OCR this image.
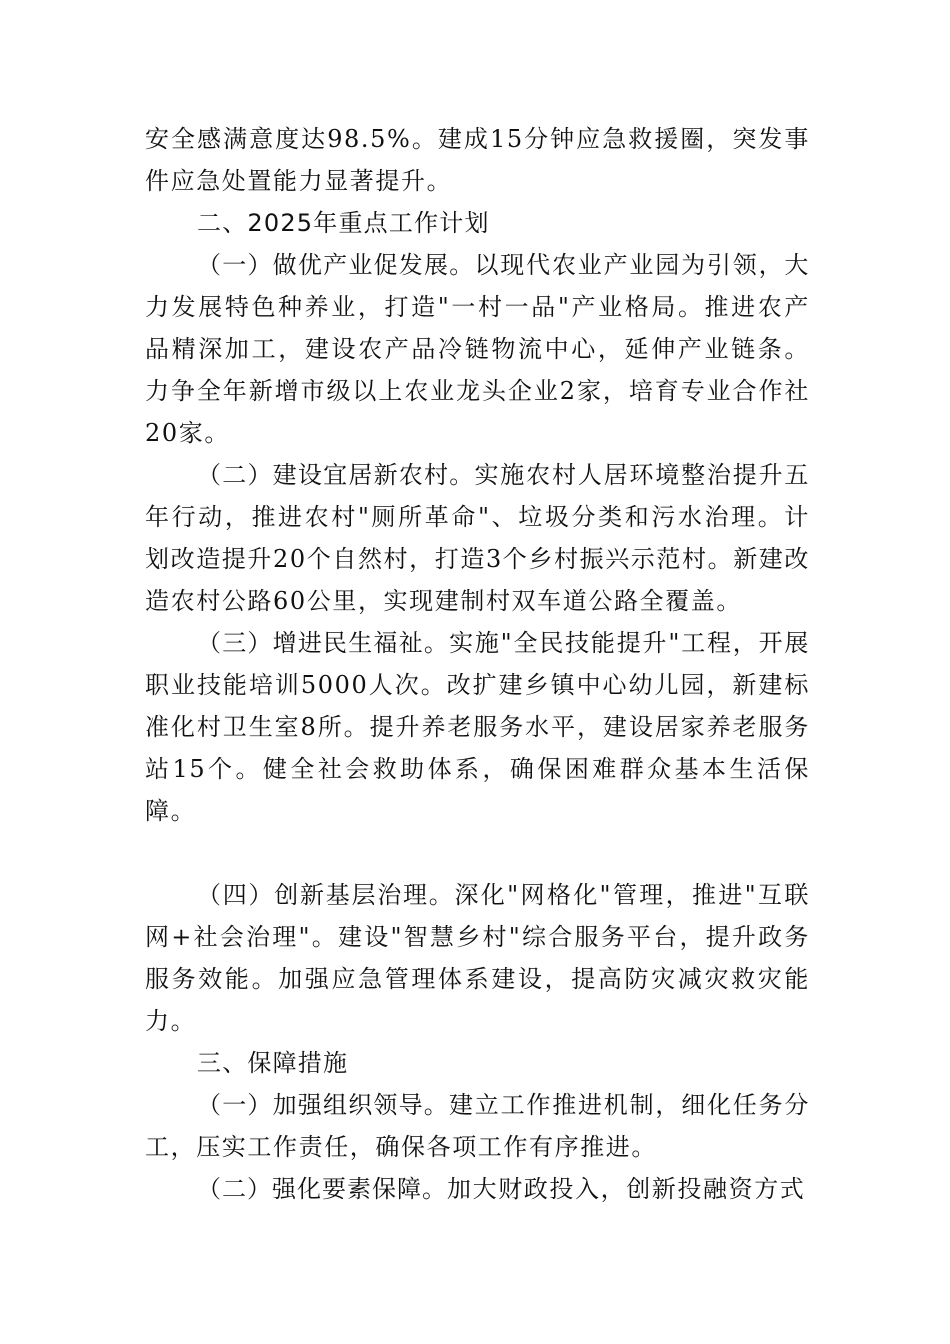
安全感满意度达98.5%。建成15分钟应急救援圈，突发事件应急处置能力显著提升。

二、2025年重点工作计划

（一）做优产业促发展。以现代农业产业园为引领，大力发展特色种养业，打造"一村一品"产业格局。推进农产品精深加工，建设农产品冷链物流中心，延伸产业链条。力争全年新增市级以上农业龙头企业2家，培育专业合作社20家。

（二）建设宜居新农村。实施农村人居环境整治提升五年行动，推进农村"厕所革命"、垃圾分类和污水治理。计划改造提升20个自然村，打造3个乡村振兴示范村。新建改造农村公路60公里，实现建制村双车道公路全覆盖。

（三）增进民生福祉。实施"全民技能提升"工程，开展职业技能培训5000人次。改扩建乡镇中心幼儿园，新建标准化村卫生室8所。提升养老服务水平，建设居家养老服务站15个。健全社会救助体系，确保困难群众基本生活保障。

（四）创新基层治理。深化"网格化"管理，推进"互联网+社会治理"。建设"智慧乡村"综合服务平台，提升政务服务效能。加强应急管理体系建设，提高防灾减灾救灾能力。

三、保障措施

（一）加强组织领导。建立工作推进机制，细化任务分工，压实工作责任，确保各项工作有序推进。

（二）强化要素保障。加大财政投入，创新投融资方式
